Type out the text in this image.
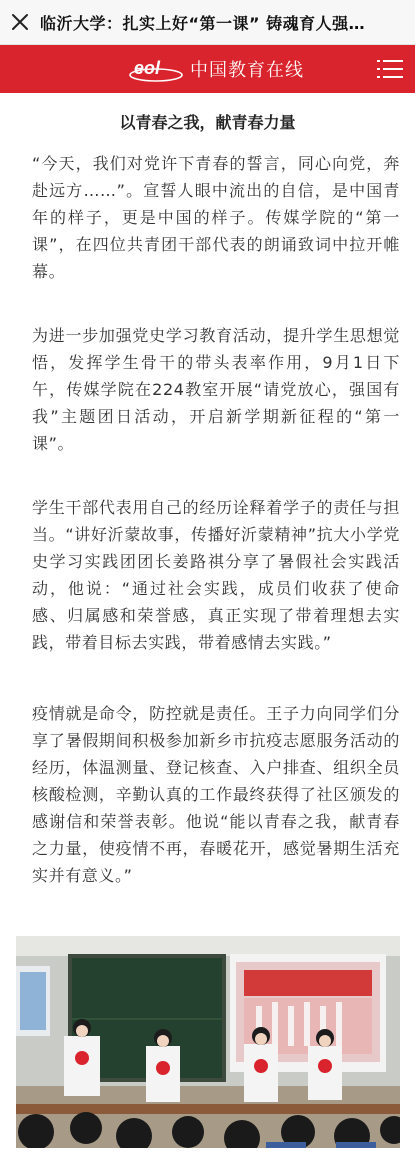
临沂大学：扎实上好“第一课” 铸魂育人强…
eol 中国教育在线
以青春之我，献青春力量

“今天，我们对党许下青春的誓言，同心向党，奔赴远方……”。宣誓人眼中流出的自信，是中国青年的样子，更是中国的样子。传媒学院的“第一课”，在四位共青团干部代表的朗诵致词中拉开帷幕。

为进一步加强党史学习教育活动，提升学生思想觉悟，发挥学生骨干的带头表率作用，9月1日下午，传媒学院在224教室开展“请党放心，强国有我”主题团日活动，开启新学期新征程的“第一课”。

学生干部代表用自己的经历诠释着学子的责任与担当。“讲好沂蒙故事，传播好沂蒙精神”抗大小学党史学习实践团团长姜路祺分享了暑假社会实践活动，他说：“通过社会实践，成员们收获了使命感、归属感和荣誉感，真正实现了带着理想去实践，带着目标去实践，带着感情去实践。”

疫情就是命令，防控就是责任。王子力向同学们分享了暑假期间积极参加新乡市抗疫志愿服务活动的经历，体温测量、登记核查、入户排查、组织全员核酸检测，辛勤认真的工作最终获得了社区颁发的感谢信和荣誉表彰。他说“能以青春之我，献青春之力量，使疫情不再，春暖花开，感觉暑期生活充实并有意义。”
